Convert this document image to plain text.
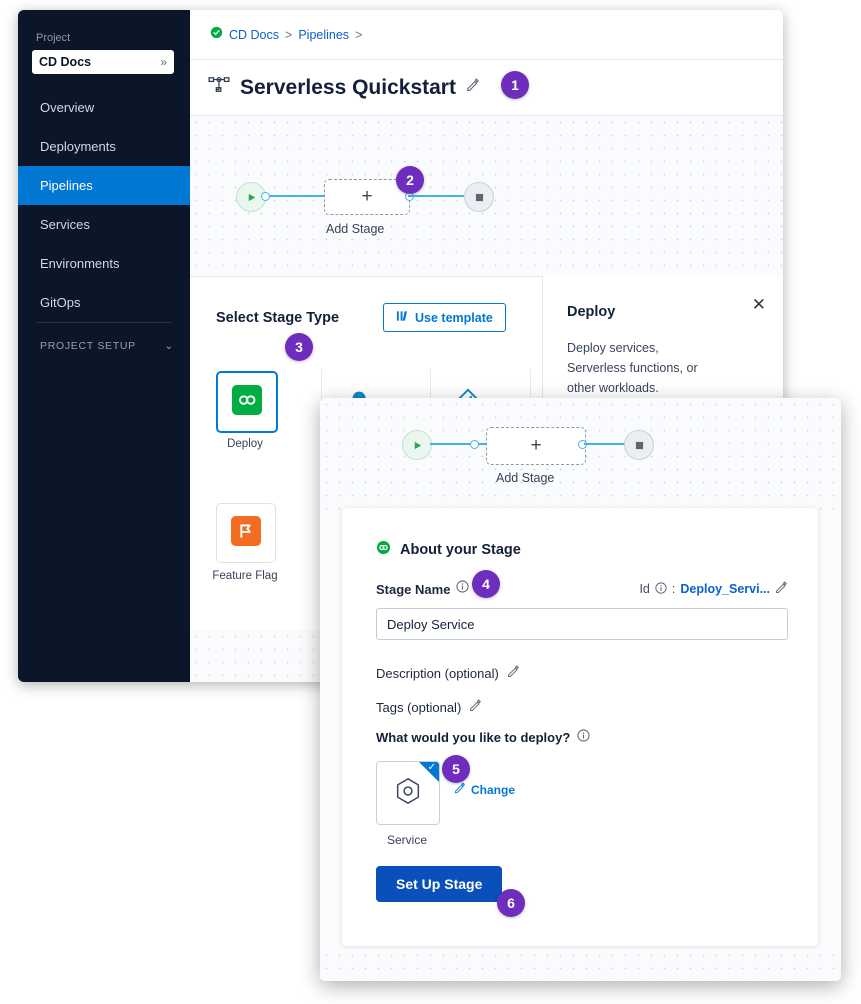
Project
CD Docs	»
Overview
Deployments
Pipelines
Services
Environments
GitOps
PROJECT SETUP	⌄
CD Docs > Pipelines >
Serverless Quickstart
+
Add Stage
Select Stage Type	Use template
Deploy
Feature Flag
✕
Deploy
Deploy services, Serverless functions, or other workloads.
+
Add Stage
About your Stage
Stage Name	Id : Deploy_Servi...
Deploy Service
Description (optional)
Tags (optional)
What would you like to deploy?
✓
Service
Change
Set Up Stage
1
2
3
4
5
6
